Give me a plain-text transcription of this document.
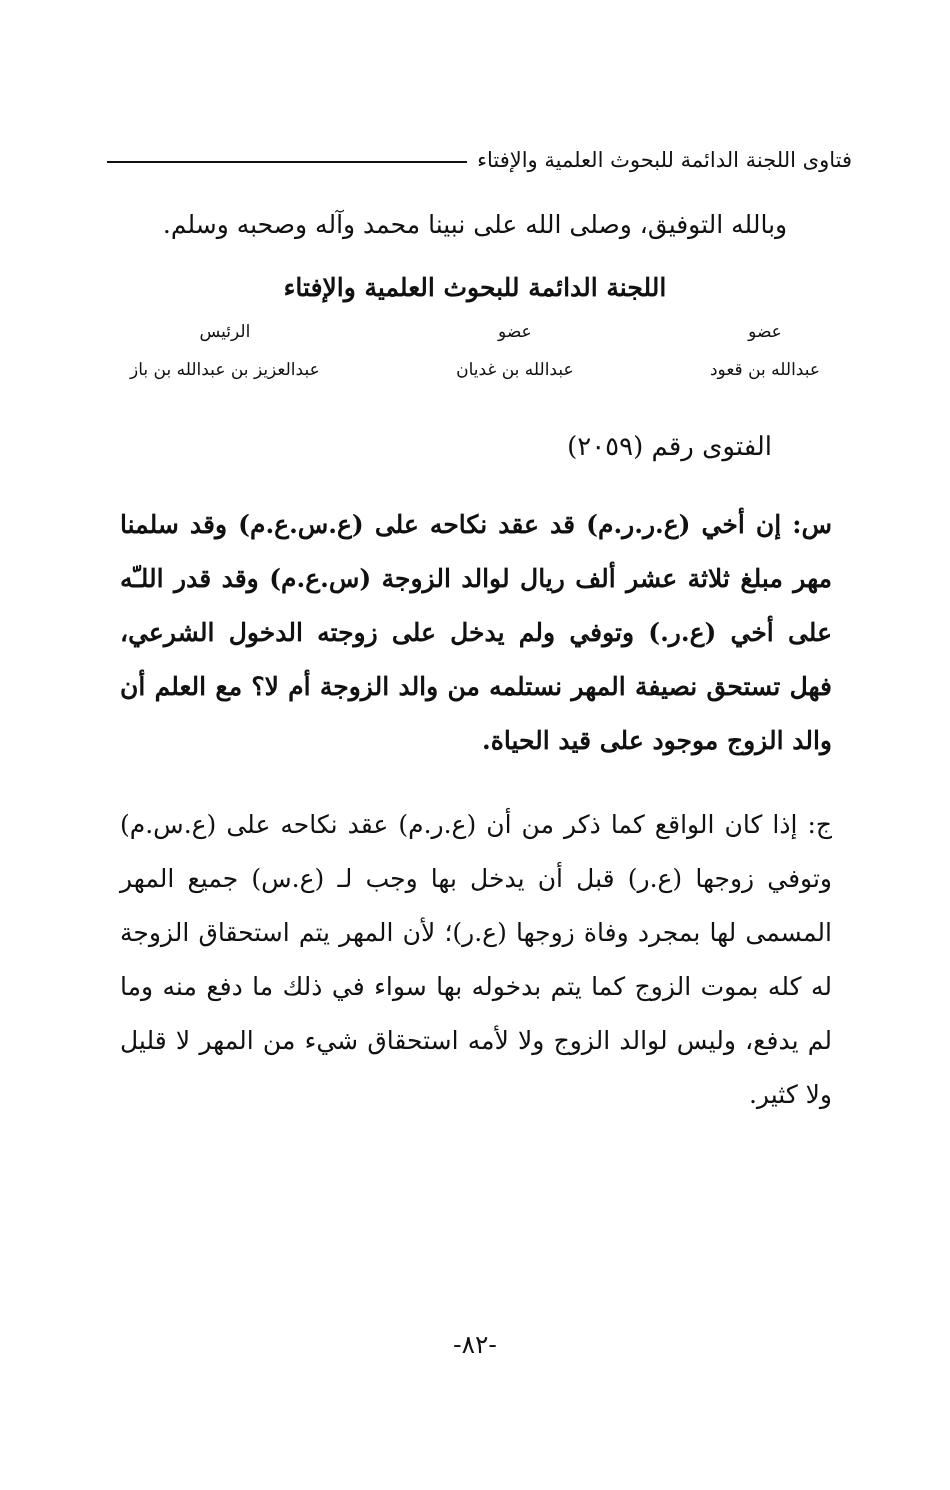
فتاوى اللجنة الدائمة للبحوث العلمية والإفتاء
وبالله التوفيق، وصلى الله على نبينا محمد وآله وصحبه وسلم.
اللجنة الدائمة للبحوث العلمية والإفتاء
عضو
عبدالله بن قعود
عضو
عبدالله بن غديان
الرئيس
عبدالعزيز بن عبدالله بن باز
الفتوى رقم (٢٠٥٩)
س: إن أخي (ع.ر.ر.م) قد عقد نكاحه على (ع.س.ع.م) وقد سلمنا مهر مبلغ ثلاثة عشر ألف ريال لوالد الزوجة (س.ع.م) وقد قدر اللـّه على أخي (ع.ر.) وتوفي ولم يدخل على زوجته الدخول الشرعي، فهل تستحق نصيفة المهر نستلمه من والد الزوجة أم لا؟ مع العلم أن والد الزوج موجود على قيد الحياة.
ج: إذا كان الواقع كما ذكر من أن (ع.ر.م) عقد نكاحه على (ع.س.م) وتوفي زوجها (ع.ر) قبل أن يدخل بها وجب لـ (ع.س) جميع المهر المسمى لها بمجرد وفاة زوجها (ع.ر)؛ لأن المهر يتم استحقاق الزوجة له كله بموت الزوج كما يتم بدخوله بها سواء في ذلك ما دفع منه وما لم يدفع، وليس لوالد الزوج ولا لأمه استحقاق شيء من المهر لا قليل ولا كثير.
-٨٢-
